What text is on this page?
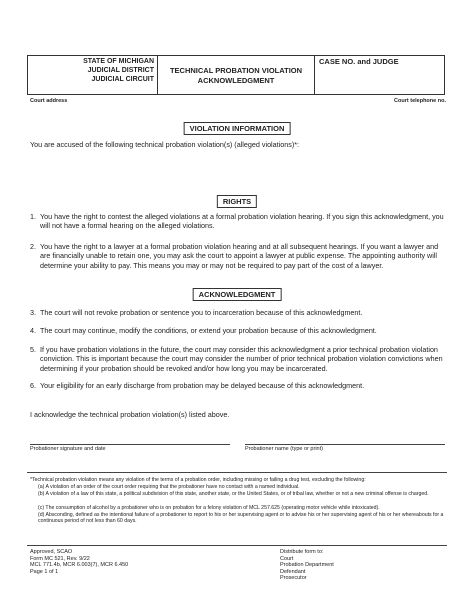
STATE OF MICHIGAN
JUDICIAL DISTRICT
JUDICIAL CIRCUIT
TECHNICAL PROBATION VIOLATION
ACKNOWLEDGMENT
CASE NO. and JUDGE
Court address	Court telephone no.
VIOLATION INFORMATION
You are accused of the following technical probation violation(s) (alleged violations)*:
RIGHTS
1. You have the right to contest the alleged violations at a formal probation violation hearing. If you sign this acknowledgment, you will not have a formal hearing on the alleged violations.
2. You have the right to a lawyer at a formal probation violation hearing and at all subsequent hearings. If you want a lawyer and are financially unable to retain one, you may ask the court to appoint a lawyer at public expense. The appointing authority will determine your ability to pay. This means you may or may not be required to pay part of the cost of a lawyer.
ACKNOWLEDGMENT
3. The court will not revoke probation or sentence you to incarceration because of this acknowledgment.
4. The court may continue, modify the conditions, or extend your probation because of this acknowledgment.
5. If you have probation violations in the future, the court may consider this acknowledgment a prior technical probation violation conviction. This is important because the court may consider the number of prior technical probation violation convictions when determining if your probation should be revoked and/or how long you may be incarcerated.
6. Your eligibility for an early discharge from probation may be delayed because of this acknowledgment.
I acknowledge the technical probation violation(s) listed above.
Probationer signature and date	Probationer name (type or print)
*Technical probation violation means any violation of the terms of a probation order, including missing or failing a drug test, excluding the following:
(a) A violation of an order of the court order requiring that the probationer have no contact with a named individual.
(b) A violation of a law of this state, a political subdivision of this state, another state, or the United States, or of tribal law, whether or not a new criminal offense is charged.
(c) The consumption of alcohol by a probationer who is on probation for a felony violation of MCL 257.625 (operating motor vehicle while intoxicated).
(d) Absconding, defined as the intentional failure of a probationer to report to his or her supervising agent or to advise his or her supervising agent of his or her whereabouts for a continuous period of not less than 60 days.
Approved, SCAO
Form MC 521, Rev. 9/22
MCL 771.4b, MCR 6.003(7), MCR 6.450
Page 1 of 1
Distribute form to:
Court
Probation Department
Defendant
Prosecutor
